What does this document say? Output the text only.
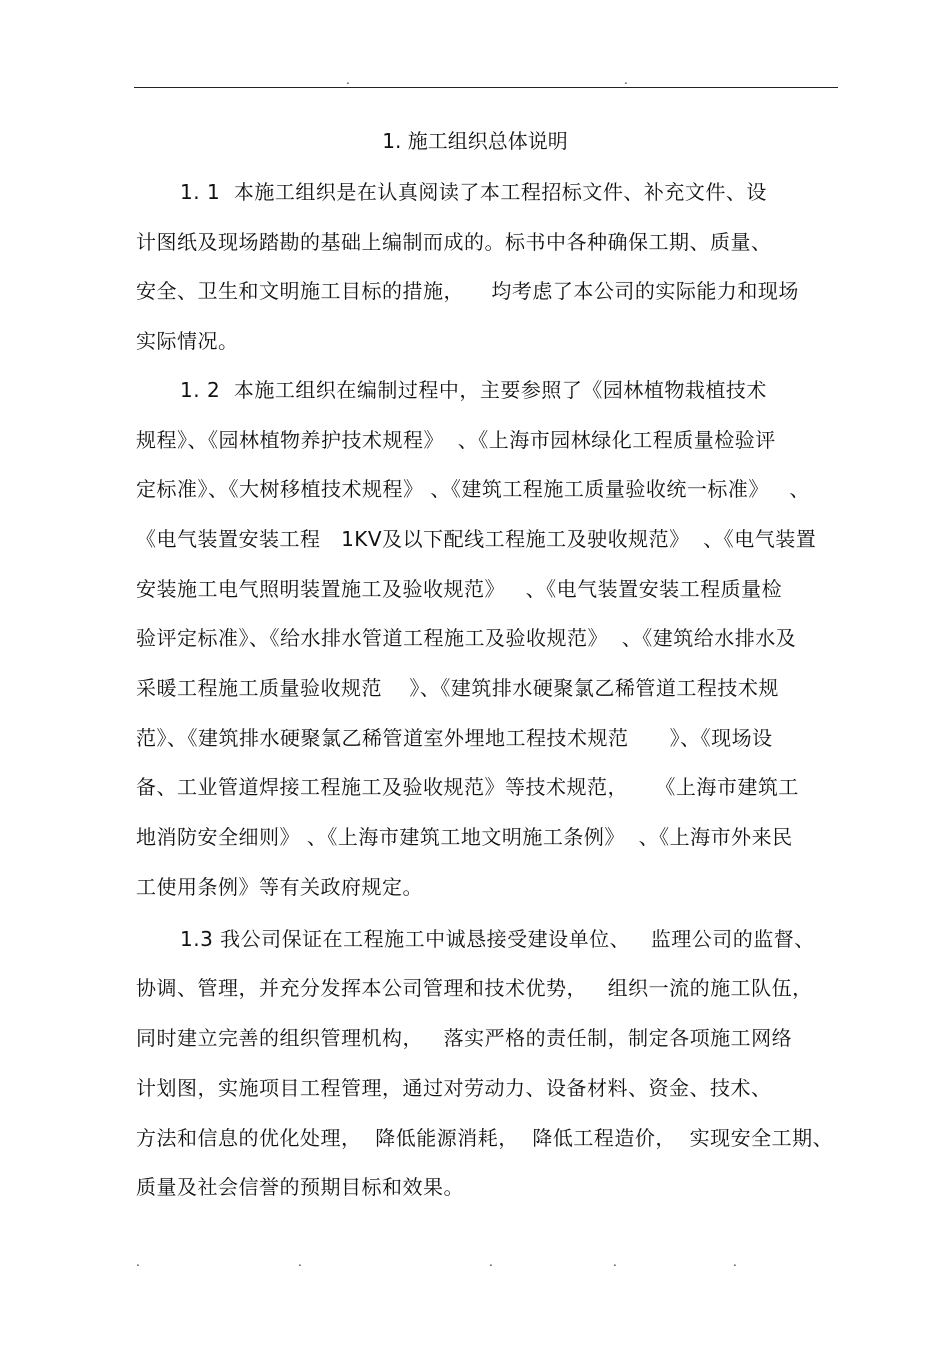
.	.
1. 施工组织总体说明
1. 1  本施工组织是在认真阅读了本工程招标文件、补充文件、设
计图纸及现场踏勘的基础上编制而成的。标书中各种确保工期、质量、
安全、卫生和文明施工目标的措施，    均考虑了本公司的实际能力和现场
实际情况。
1. 2  本施工组织在编制过程中，主要参照了《园林植物栽植技术
规程》、《园林植物养护技术规程》  、《上海市园林绿化工程质量检验评
定标准》、《大树移植技术规程》 、《建筑工程施工质量验收统一标准》   、
《电气装置安装工程   1KV及以下配线工程施工及驶收规范》  、《电气装置
安装施工电气照明装置施工及验收规范》   、《电气装置安装工程质量检
验评定标准》、《给水排水管道工程施工及验收规范》  、《建筑给水排水及
采暖工程施工质量验收规范    》、《建筑排水硬聚氯乙稀管道工程技术规
范》、《建筑排水硬聚氯乙稀管道室外埋地工程技术规范      》、《现场设
备、工业管道焊接工程施工及验收规范》等技术规范，    《上海市建筑工
地消防安全细则》 、《上海市建筑工地文明施工条例》  、《上海市外来民
工使用条例》等有关政府规定。
1.3 我公司保证在工程施工中诚恳接受建设单位、   监理公司的监督、
协调、管理，并充分发挥本公司管理和技术优势，   组织一流的施工队伍，
同时建立完善的组织管理机构，   落实严格的责任制，制定各项施工网络
计划图，实施项目工程管理，通过对劳动力、设备材料、资金、技术、
方法和信息的优化处理，  降低能源消耗，  降低工程造价，  实现安全工期、
质量及社会信誉的预期目标和效果。
.	.	.	.	.
